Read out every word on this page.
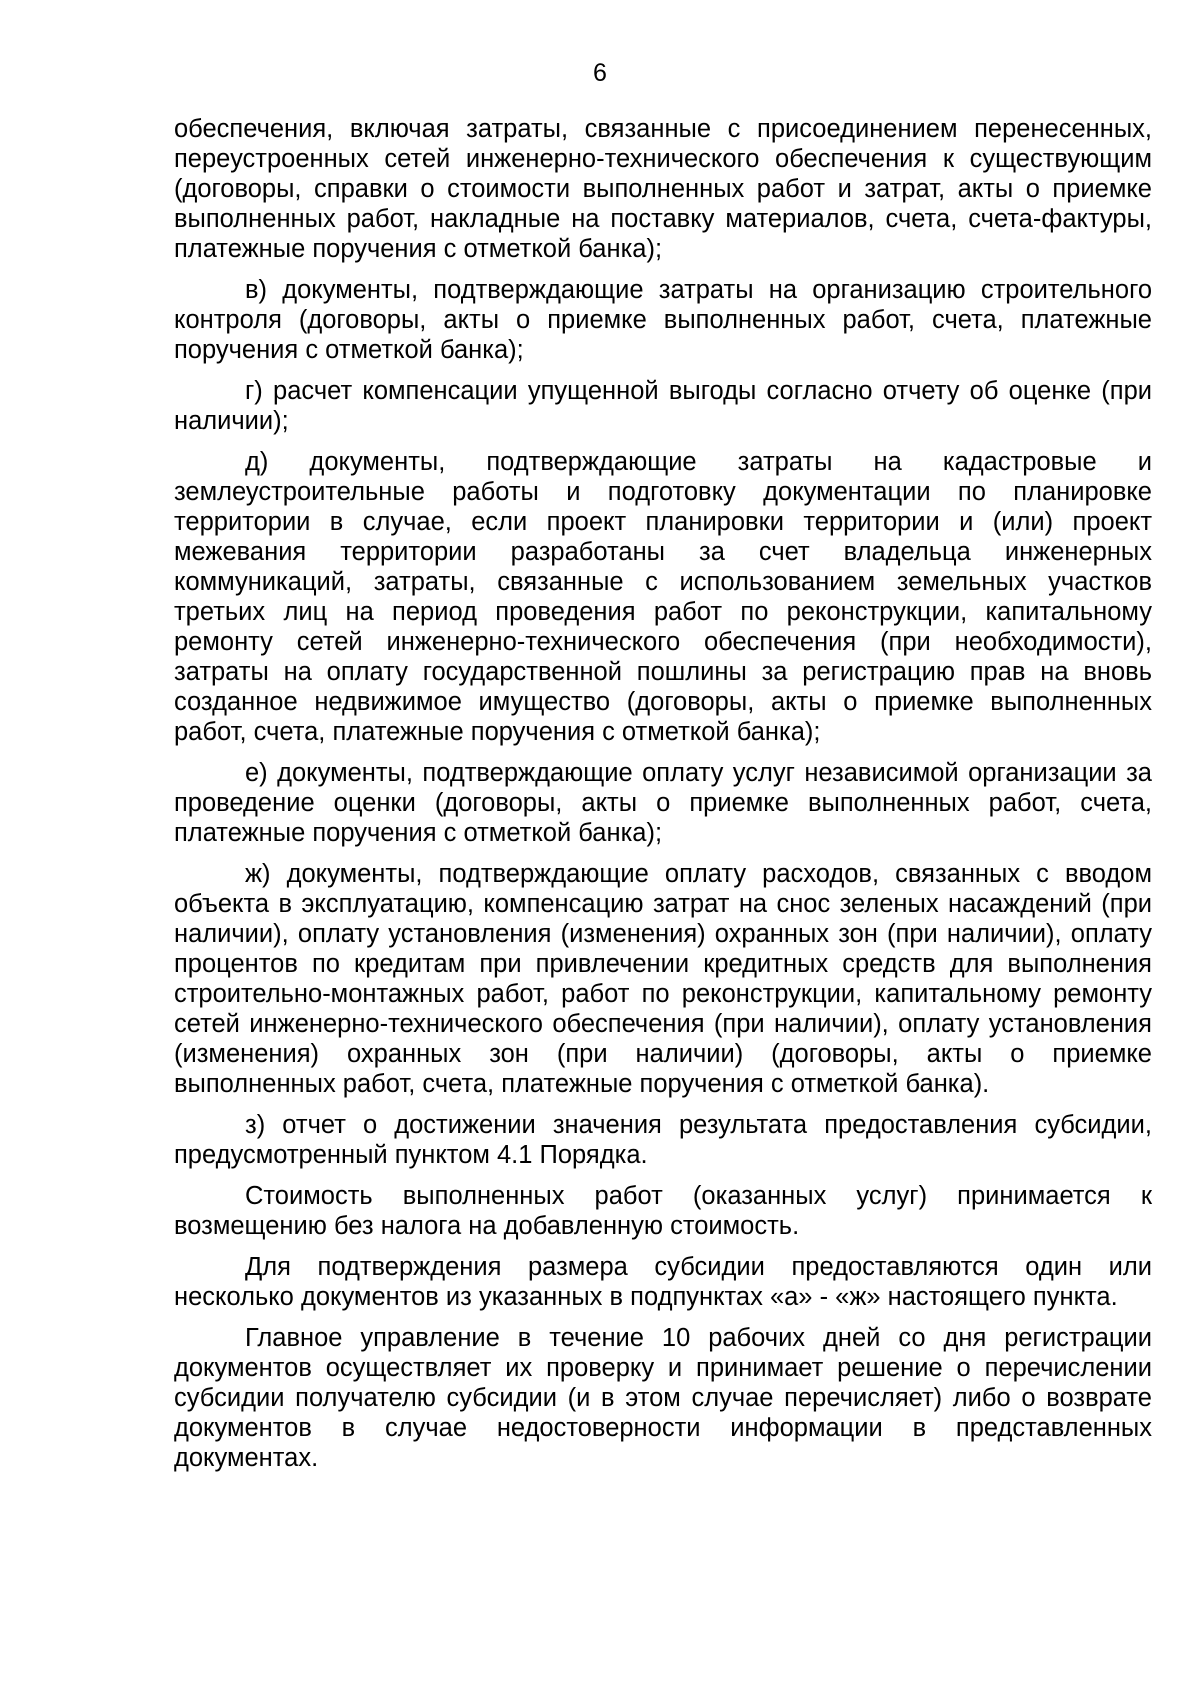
6

обеспечения, включая затраты, связанные с присоединением перенесенных, переустроенных сетей инженерно-технического обеспечения к существующим (договоры, справки о стоимости выполненных работ и затрат, акты о приемке выполненных работ, накладные на поставку материалов, счета, счета-фактуры, платежные поручения с отметкой банка);

в) документы, подтверждающие затраты на организацию строительного контроля (договоры, акты о приемке выполненных работ, счета, платежные поручения с отметкой банка);

г) расчет компенсации упущенной выгоды согласно отчету об оценке (при наличии);

д) документы, подтверждающие затраты на кадастровые и землеустроительные работы и подготовку документации по планировке территории в случае, если проект планировки территории и (или) проект межевания территории разработаны за счет владельца инженерных коммуникаций, затраты, связанные с использованием земельных участков третьих лиц на период проведения работ по реконструкции, капитальному ремонту сетей инженерно-технического обеспечения (при необходимости), затраты на оплату государственной пошлины за регистрацию прав на вновь созданное недвижимое имущество (договоры, акты о приемке выполненных работ, счета, платежные поручения с отметкой банка);

е) документы, подтверждающие оплату услуг независимой организации за проведение оценки (договоры, акты о приемке выполненных работ, счета, платежные поручения с отметкой банка);

ж) документы, подтверждающие оплату расходов, связанных с вводом объекта в эксплуатацию, компенсацию затрат на снос зеленых насаждений (при наличии), оплату установления (изменения) охранных зон (при наличии), оплату процентов по кредитам при привлечении кредитных средств для выполнения строительно-монтажных работ, работ по реконструкции, капитальному ремонту сетей инженерно-технического обеспечения (при наличии), оплату установления (изменения) охранных зон (при наличии) (договоры, акты о приемке выполненных работ, счета, платежные поручения с отметкой банка).

з) отчет о достижении значения результата предоставления субсидии, предусмотренный пунктом 4.1 Порядка.

Стоимость выполненных работ (оказанных услуг) принимается к возмещению без налога на добавленную стоимость.

Для подтверждения размера субсидии предоставляются один или несколько документов из указанных в подпунктах «а» - «ж» настоящего пункта.

Главное управление в течение 10 рабочих дней со дня регистрации документов осуществляет их проверку и принимает решение о перечислении субсидии получателю субсидии (и в этом случае перечисляет) либо о возврате документов в случае недостоверности информации в представленных документах.
